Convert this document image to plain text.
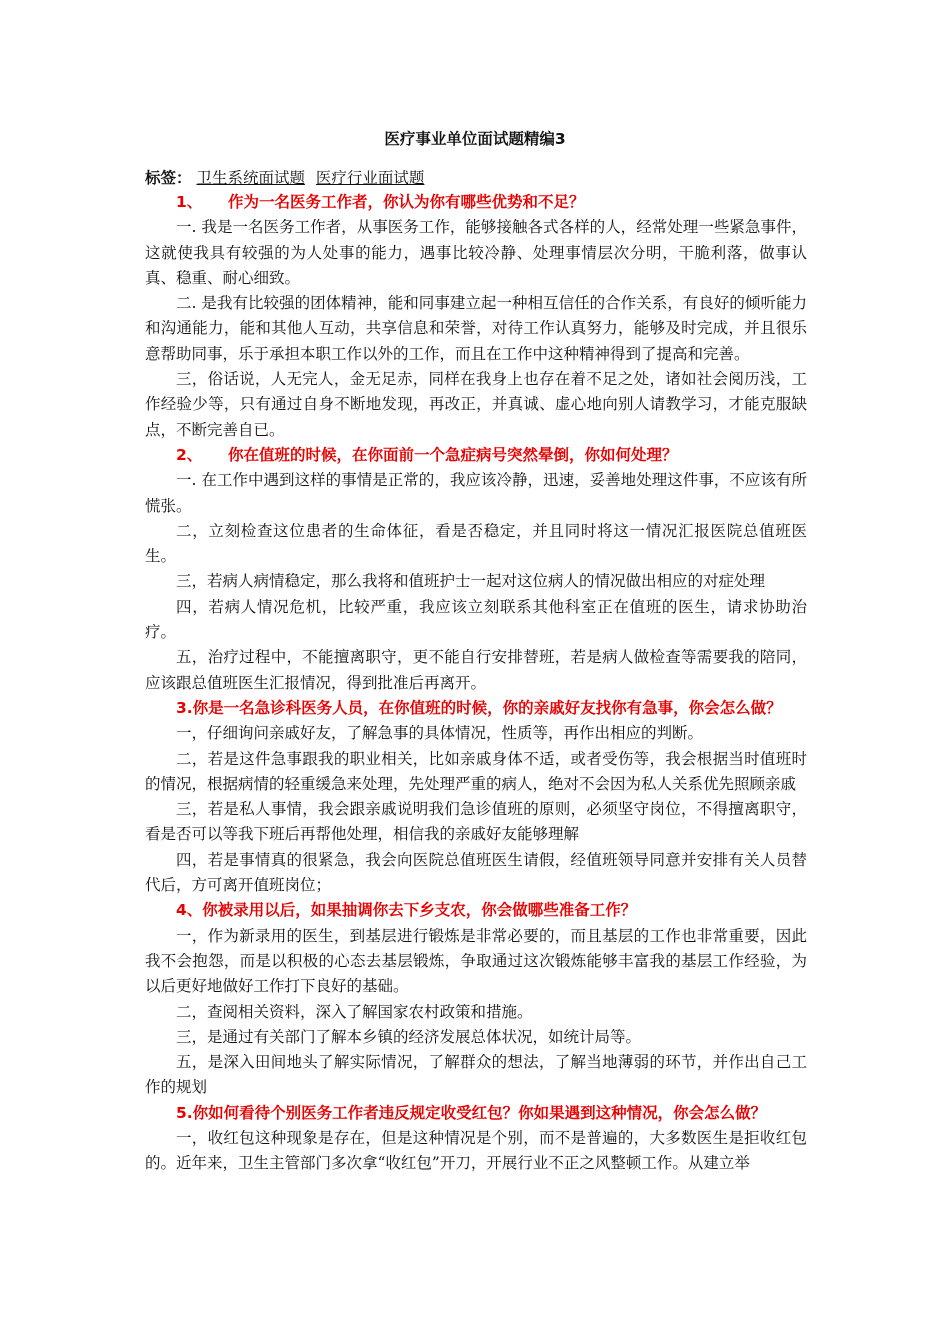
医疗事业单位面试题精编3
标签： 卫生系统面试题 医疗行业面试题

1、 作为一名医务工作者，你认为你有哪些优势和不足？

一. 我是一名医务工作者，从事医务工作，能够接触各式各样的人，经常处理一些紧急事件，这就使我具有较强的为人处事的能力，遇事比较冷静、处理事情层次分明，干脆利落，做事认真、稳重、耐心细致。

二. 是我有比较强的团体精神，能和同事建立起一种相互信任的合作关系，有良好的倾听能力和沟通能力，能和其他人互动，共享信息和荣誉，对待工作认真努力，能够及时完成，并且很乐意帮助同事，乐于承担本职工作以外的工作，而且在工作中这种精神得到了提高和完善。

三，俗话说，人无完人，金无足赤，同样在我身上也存在着不足之处，诸如社会阅历浅，工作经验少等，只有通过自身不断地发现，再改正，并真诚、虚心地向别人请教学习，才能克服缺点，不断完善自已。

2、 你在值班的时候，在你面前一个急症病号突然晕倒，你如何处理？

一. 在工作中遇到这样的事情是正常的，我应该冷静，迅速，妥善地处理这件事，不应该有所慌张。

二，立刻检查这位患者的生命体征，看是否稳定，并且同时将这一情况汇报医院总值班医生。

三，若病人病情稳定，那么我将和值班护士一起对这位病人的情况做出相应的对症处理

四，若病人情况危机，比较严重，我应该立刻联系其他科室正在值班的医生，请求协助治疗。

五，治疗过程中，不能擅离职守，更不能自行安排替班，若是病人做检查等需要我的陪同，应该跟总值班医生汇报情况，得到批准后再离开。

3.你是一名急诊科医务人员，在你值班的时候，你的亲戚好友找你有急事，你会怎么做？

一，仔细询问亲戚好友，了解急事的具体情况，性质等，再作出相应的判断。

二，若是这件急事跟我的职业相关，比如亲戚身体不适，或者受伤等，我会根据当时值班时的情况，根据病情的轻重缓急来处理，先处理严重的病人，绝对不会因为私人关系优先照顾亲戚

三，若是私人事情，我会跟亲戚说明我们急诊值班的原则，必须坚守岗位，不得擅离职守，看是否可以等我下班后再帮他处理，相信我的亲戚好友能够理解

四，若是事情真的很紧急，我会向医院总值班医生请假，经值班领导同意并安排有关人员替代后，方可离开值班岗位；

4、你被录用以后，如果抽调你去下乡支农，你会做哪些准备工作？

一，作为新录用的医生，到基层进行锻炼是非常必要的，而且基层的工作也非常重要，因此我不会抱怨，而是以积极的心态去基层锻炼，争取通过这次锻炼能够丰富我的基层工作经验，为以后更好地做好工作打下良好的基础。

二，查阅相关资料，深入了解国家农村政策和措施。

三，是通过有关部门了解本乡镇的经济发展总体状况，如统计局等。

五，是深入田间地头了解实际情况，了解群众的想法，了解当地薄弱的环节，并作出自己工作的规划

5.你如何看待个别医务工作者违反规定收受红包？你如果遇到这种情况，你会怎么做？

一，收红包这种现象是存在，但是这种情况是个别，而不是普遍的，大多数医生是拒收红包的。近年来，卫生主管部门多次拿“收红包”开刀，开展行业不正之风整顿工作。从建立举
